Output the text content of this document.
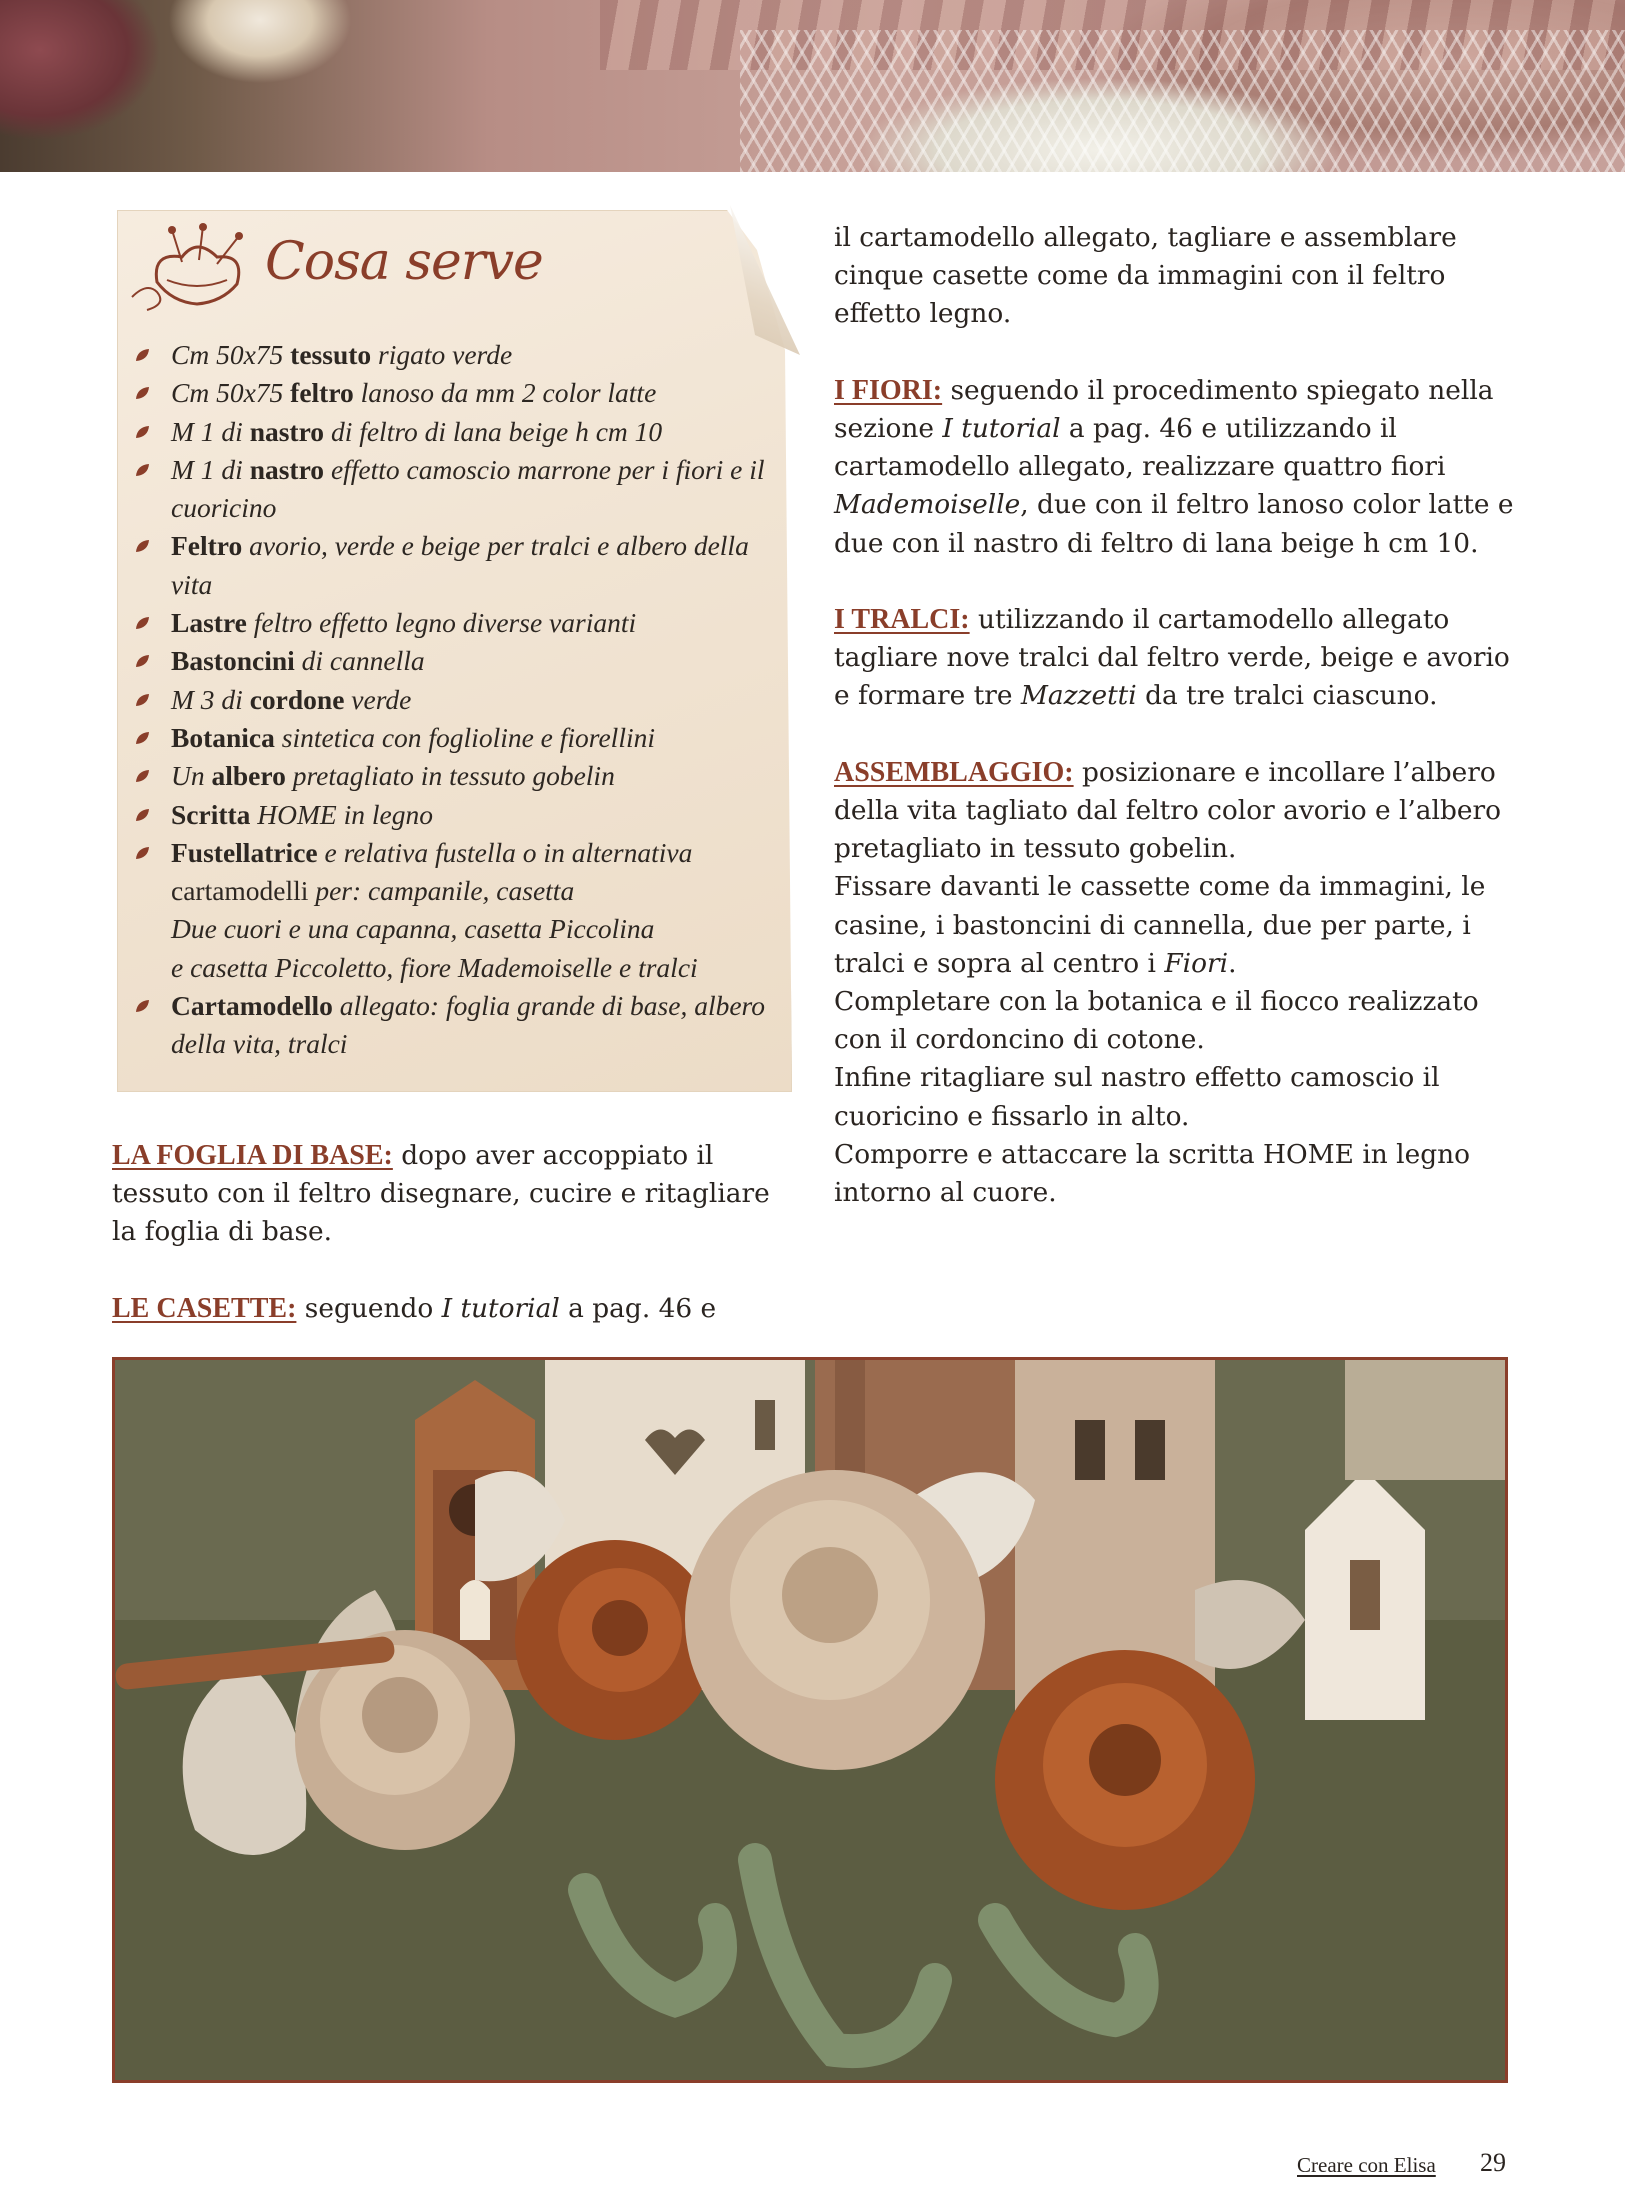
Cosa serve
Cm 50x75 tessuto rigato verde
Cm 50x75 feltro lanoso da mm 2 color latte
M 1 di nastro di feltro di lana beige h cm 10
M 1 di nastro effetto camoscio marrone per i fiori e il cuoricino
Feltro avorio, verde e beige per tralci e albero della vita
Lastre feltro effetto legno diverse varianti
Bastoncini di cannella
M 3 di cordone verde
Botanica sintetica con foglioline e fiorellini
Un albero pretagliato in tessuto gobelin
Scritta HOME in legno
Fustellatrice e relativa fustella o in alternativa
cartamodelli per: campanile, casetta
Due cuori e una capanna, casetta Piccolina
e casetta Piccoletto, fiore Mademoiselle e tralci
Cartamodello allegato: foglia grande di base, albero della vita, tralci

LA FOGLIA DI BASE: dopo aver accoppiato il tessuto con il feltro disegnare, cucire e ritagliare la foglia di base.

LE CASETTE: seguendo I tutorial a pag. 46 e

il cartamodello allegato, tagliare e assemblare cinque casette come da immagini con il feltro effetto legno.

I FIORI: seguendo il procedimento spiegato nella sezione I tutorial a pag. 46 e utilizzando il cartamodello allegato, realizzare quattro fiori Mademoiselle, due con il feltro lanoso color latte e due con il nastro di feltro di lana beige h cm 10.

I TRALCI: utilizzando il cartamodello allegato tagliare nove tralci dal feltro verde, beige e avorio e formare tre Mazzetti da tre tralci ciascuno.

ASSEMBLAGGIO: posizionare e incollare l’albero della vita tagliato dal feltro color avorio e l’albero pretagliato in tessuto gobelin.

Fissare davanti le cassette come da immagini, le casine, i bastoncini di cannella, due per parte, i tralci e sopra al centro i Fiori.

Completare con la botanica e il fiocco realizzato con il cordoncino di cotone.

Infine ritagliare sul nastro effetto camoscio il cuoricino e fissarlo in alto.

Comporre e attaccare la scritta HOME in legno intorno al cuore.

Creare con Elisa 29
